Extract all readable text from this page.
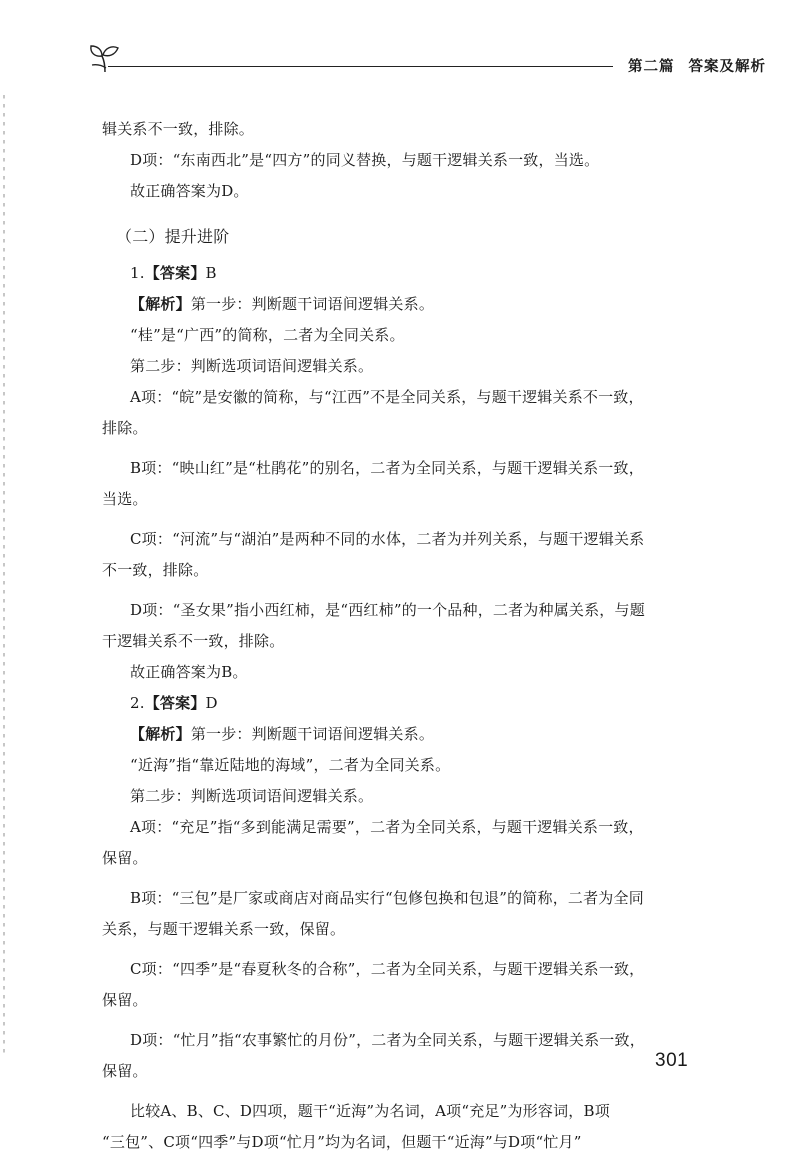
第二篇 答案及解析
辑关系不一致，排除。
D项：“东南西北”是“四方”的同义替换，与题干逻辑关系一致，当选。
故正确答案为D。
（二）提升进阶
1.【答案】B
【解析】第一步：判断题干词语间逻辑关系。
“桂”是“广西”的简称，二者为全同关系。
第二步：判断选项词语间逻辑关系。
A项：“皖”是安徽的简称，与“江西”不是全同关系，与题干逻辑关系不一致，
排除。
B项：“映山红”是“杜鹃花”的别名，二者为全同关系，与题干逻辑关系一致，
当选。
C项：“河流”与“湖泊”是两种不同的水体，二者为并列关系，与题干逻辑关系
不一致，排除。
D项：“圣女果”指小西红柿，是“西红柿”的一个品种，二者为种属关系，与题
干逻辑关系不一致，排除。
故正确答案为B。
2.【答案】D
【解析】第一步：判断题干词语间逻辑关系。
“近海”指“靠近陆地的海域”，二者为全同关系。
第二步：判断选项词语间逻辑关系。
A项：“充足”指“多到能满足需要”，二者为全同关系，与题干逻辑关系一致，
保留。
B项：“三包”是厂家或商店对商品实行“包修包换和包退”的简称，二者为全同
关系，与题干逻辑关系一致，保留。
C项：“四季”是“春夏秋冬的合称”，二者为全同关系，与题干逻辑关系一致，
保留。
D项：“忙月”指“农事繁忙的月份”，二者为全同关系，与题干逻辑关系一致，
保留。
比较A、B、C、D四项，题干“近海”为名词，A项“充足”为形容词，B项
“三包”、C项“四季”与D项“忙月”均为名词，但题干“近海”与D项“忙月”
301
